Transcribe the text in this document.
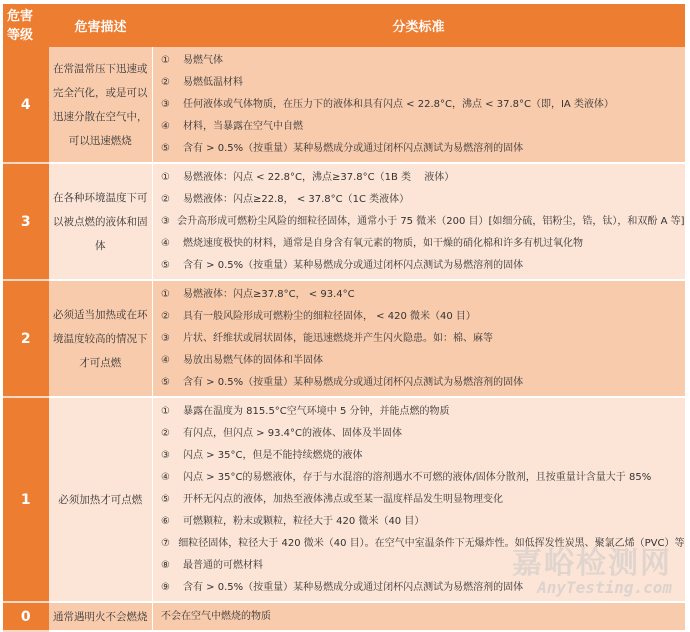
危害
等级	危害描述	分类标准
4	在常温常压下迅速或完全汽化，或是可以迅速分散在空气中，可以迅速燃烧	
①	易燃气体
②	易燃低温材料
③	任何液体或气体物质，在压力下的液体和具有闪点 < 22.8°C，沸点 < 37.8°C（即，IA 类液体）
④	材料，当暴露在空气中自燃
⑤	含有 > 0.5%（按重量）某种易燃成分或通过闭杯闪点测试为易燃溶剂的固体

3	在各种环境温度下可以被点燃的液体和固体	
①	易燃液体：闪点 < 22.8°C，沸点≥37.8°C（1B 类　 液体）
②	易燃液体：闪点≥22.8， < 37.8°C（1C 类液体）
③ 会升高形成可燃粉尘风险的细粒径固体，通常小于 75 微米（200 目）[如细分硫，铝粉尘，锆，钛），和双酚 A 等]
④	燃烧速度极快的材料，通常是自身含有氧元素的物质，如干燥的硝化棉和许多有机过氧化物
⑤	含有 > 0.5%（按重量）某种易燃成分或通过闭杯闪点测试为易燃溶剂的固体

2	必须适当加热或在环境温度较高的情况下才可点燃	
①	易燃液体：闪点≥37.8°C， < 93.4°C
②	具有一般风险形成可燃粉尘的细粒径固体， < 420 微米（40 目）
③	片状、纤维状或屑状固体，能迅速燃烧并产生闪火隐患。如：棉、麻等
④	易放出易燃气体的固体和半固体
⑤	含有 > 0.5%（按重量）某种易燃成分或通过闭杯闪点测试为易燃溶剂的固体

1	必须加热才可点燃	
①	暴露在温度为 815.5°C空气环境中 5 分钟，并能点燃的物质
②	有闪点，但闪点 > 93.4°C的液体、固体及半固体
③	闪点 > 35°C，但是不能持续燃烧的液体
④	闪点 > 35°C的易燃液体，存于与水混溶的溶剂遇水不可燃的液体/固体分散剂，且按重量计含量大于 85%
⑤	开杯无闪点的液体，加热至液体沸点或至某一温度样品发生明显物理变化
⑥	可燃颗粒，粉末或颗粒，粒径大于 420 微米（40 目）
⑦ 细粒径固体，粒径大于 420 微米（40 目）。在空气中室温条件下无爆炸性。如低挥发性炭黑、聚氯乙烯（PVC）等
⑧	最普通的可燃材料
⑨	含有 > 0.5%（按重量）某种易燃成分或通过闭杯闪点测试为易燃溶剂的固体

0	通常遇明火不会燃烧	不会在空气中燃烧的物质
嘉峪检测网
AnyTesting.com
